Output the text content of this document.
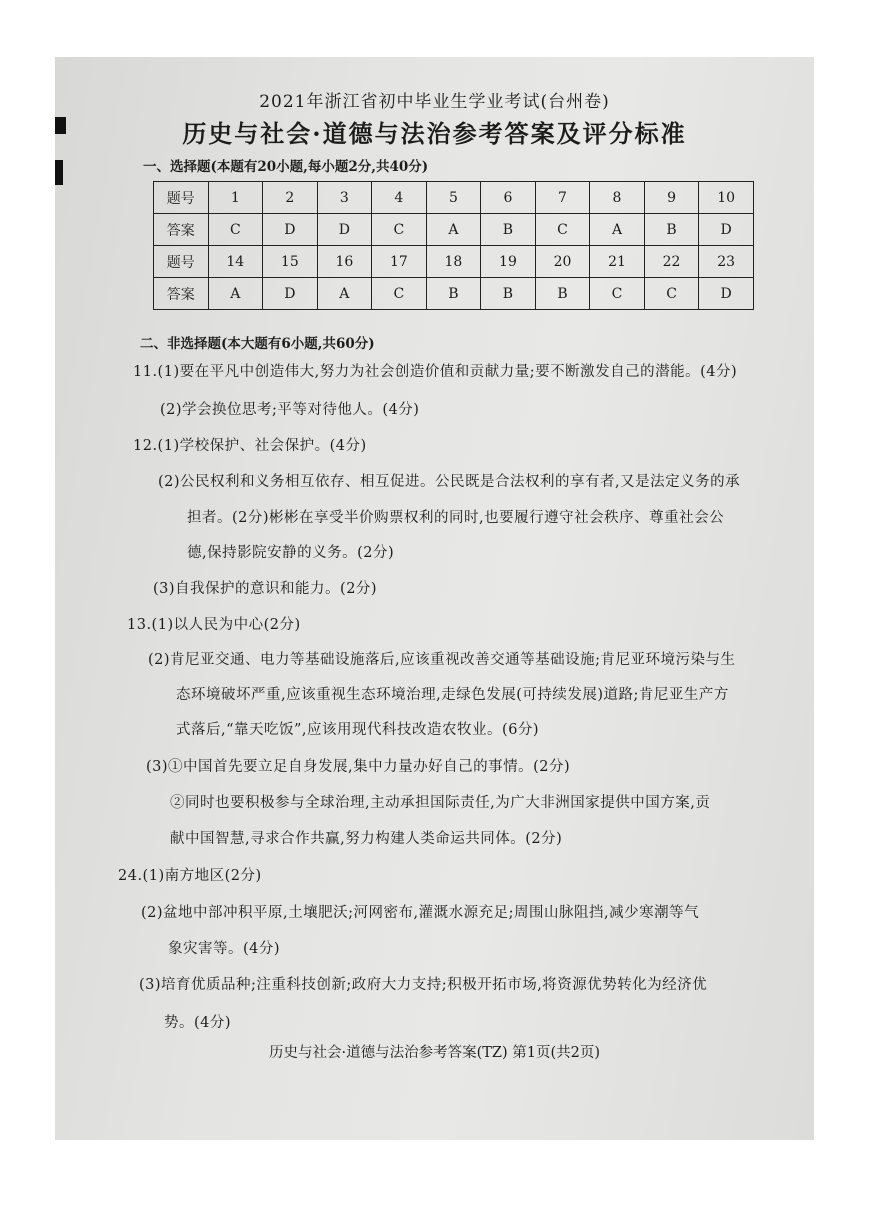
2021年浙江省初中毕业生学业考试(台州卷)
历史与社会·道德与法治参考答案及评分标准
一、选择题(本题有20小题,每小题2分,共40分)
题号	1	2	3	4	5	6	7	8	9	10
答案	C	D	D	C	A	B	C	A	B	D
题号	14	15	16	17	18	19	20	21	22	23
答案	A	D	A	C	B	B	B	C	C	D
二、非选择题(本大题有6小题,共60分)
11.(1)要在平凡中创造伟大,努力为社会创造价值和贡献力量;要不断激发自己的潜能。(4分)
(2)学会换位思考;平等对待他人。(4分)
12.(1)学校保护、社会保护。(4分)
(2)公民权利和义务相互依存、相互促进。公民既是合法权利的享有者,又是法定义务的承
担者。(2分)彬彬在享受半价购票权利的同时,也要履行遵守社会秩序、尊重社会公
德,保持影院安静的义务。(2分)
(3)自我保护的意识和能力。(2分)
13.(1)以人民为中心(2分)
(2)肯尼亚交通、电力等基础设施落后,应该重视改善交通等基础设施;肯尼亚环境污染与生
态环境破坏严重,应该重视生态环境治理,走绿色发展(可持续发展)道路;肯尼亚生产方
式落后,“靠天吃饭”,应该用现代科技改造农牧业。(6分)
(3)①中国首先要立足自身发展,集中力量办好自己的事情。(2分)
②同时也要积极参与全球治理,主动承担国际责任,为广大非洲国家提供中国方案,贡
献中国智慧,寻求合作共赢,努力构建人类命运共同体。(2分)
24.(1)南方地区(2分)
(2)盆地中部冲积平原,土壤肥沃;河网密布,灌溉水源充足;周围山脉阻挡,减少寒潮等气
象灾害等。(4分)
(3)培育优质品种;注重科技创新;政府大力支持;积极开拓市场,将资源优势转化为经济优
势。(4分)
历史与社会·道德与法治参考答案(TZ) 第1页(共2页)
